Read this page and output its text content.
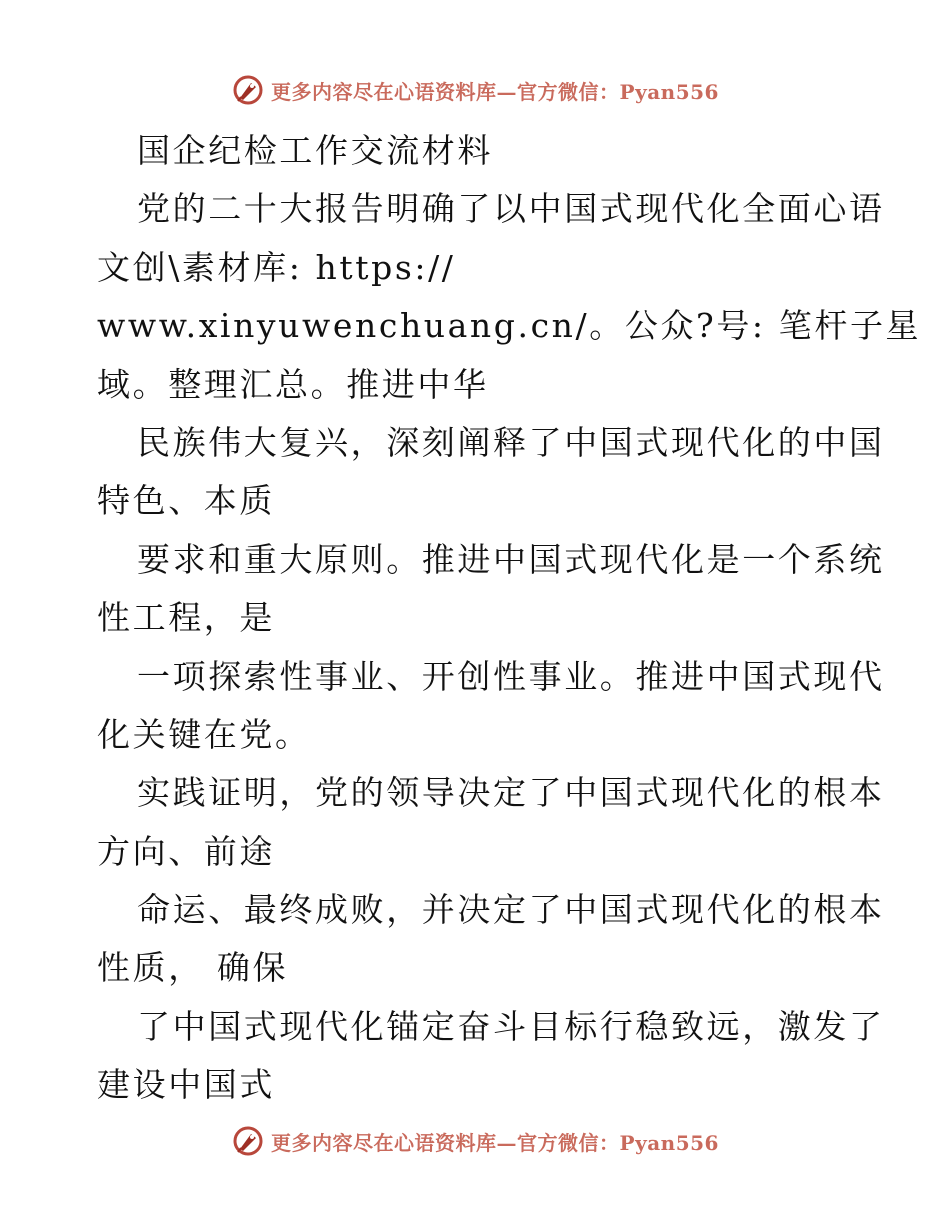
更多内容尽在心语资料库—官方微信：Pyan556
国企纪检工作交流材料
党的二十大报告明确了以中国式现代化全面心语
文创\素材库: https://
www.xinyuwenchuang.cn/。公众?号: 笔杆子星
域。整理汇总。推进中华
民族伟大复兴，深刻阐释了中国式现代化的中国
特色、本质
要求和重大原则。推进中国式现代化是一个系统
性工程，是
一项探索性事业、开创性事业。推进中国式现代
化关键在党。
实践证明，党的领导决定了中国式现代化的根本
方向、前途
命运、最终成败，并决定了中国式现代化的根本
性质， 确保
了中国式现代化锚定奋斗目标行稳致远，激发了
建设中国式
更多内容尽在心语资料库—官方微信：Pyan556
